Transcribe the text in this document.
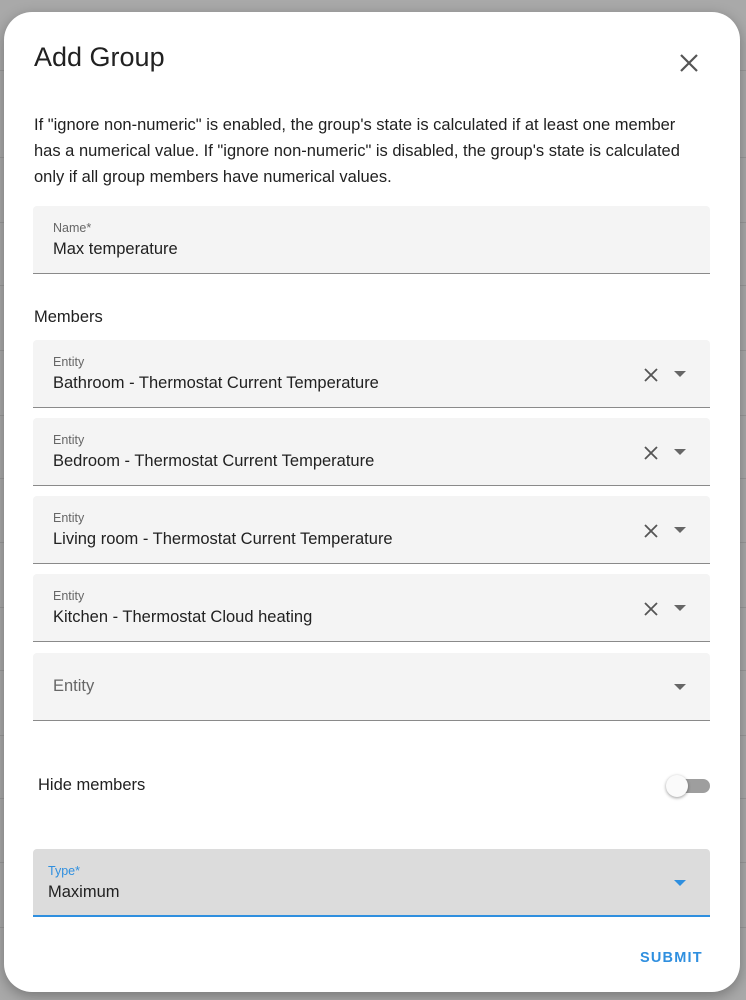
Add Group
If "ignore non-numeric" is enabled, the group's state is calculated if at least one member has a numerical value. If "ignore non-numeric" is disabled, the group's state is calculated only if all group members have numerical values.
Name*
Max temperature
Members
Entity
Bathroom - Thermostat Current Temperature
Entity
Bedroom - Thermostat Current Temperature
Entity
Living room - Thermostat Current Temperature
Entity
Kitchen - Thermostat Cloud heating
Entity
Hide members
Type*
Maximum
SUBMIT
